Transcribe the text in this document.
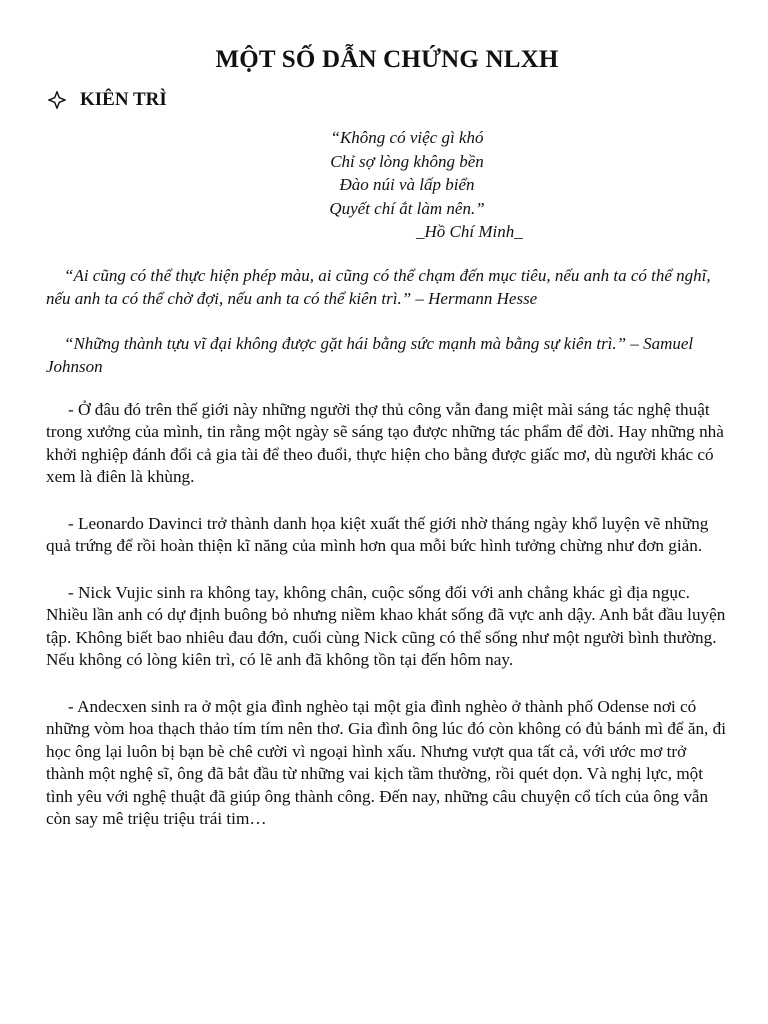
MỘT SỐ DẪN CHỨNG NLXH
KIÊN TRÌ
“Không có việc gì khó
Chỉ sợ lòng không bền
Đào núi và lấp biển
Quyết chí ắt làm nên.”
_Hồ Chí Minh_

“Ai cũng có thể thực hiện phép màu, ai cũng có thể chạm đến mục tiêu, nếu anh ta có thể nghĩ, nếu anh ta có thể chờ đợi, nếu anh ta có thể kiên trì.” – Hermann Hesse

“Những thành tựu vĩ đại không được gặt hái bằng sức mạnh mà bằng sự kiên trì.” – Samuel Johnson

- Ở đâu đó trên thế giới này những người thợ thủ công vẫn đang miệt mài sáng tác nghệ thuật trong xưởng của mình, tin rằng một ngày sẽ sáng tạo được những tác phẩm để đời. Hay những nhà khởi nghiệp đánh đổi cả gia tài để theo đuổi, thực hiện cho bằng được giấc mơ, dù người khác có xem là điên là khùng.

- Leonardo Davinci trở thành danh họa kiệt xuất thế giới nhờ tháng ngày khổ luyện vẽ những quả trứng để rồi hoàn thiện kĩ năng của mình hơn qua mỗi bức hình tưởng chừng như đơn giản.

- Nick Vujic sinh ra không tay, không chân, cuộc sống đối với anh chẳng khác gì địa ngục. Nhiều lần anh có dự định buông bỏ nhưng niềm khao khát sống đã vực anh dậy. Anh bắt đầu luyện tập. Không biết bao nhiêu đau đớn, cuối cùng Nick cũng có thể sống như một người bình thường. Nếu không có lòng kiên trì, có lẽ anh đã không tồn tại đến hôm nay.

- Andecxen sinh ra ở một gia đình nghèo tại một gia đình nghèo ở thành phố Odense nơi có những vòm hoa thạch thảo tím tím nên thơ. Gia đình ông lúc đó còn không có đủ bánh mì để ăn, đi học ông lại luôn bị bạn bè chê cười vì ngoại hình xấu. Nhưng vượt qua tất cả, với ước mơ trở thành một nghệ sĩ, ông đã bắt đầu từ những vai kịch tầm thường, rồi quét dọn. Và nghị lực, một tình yêu với nghệ thuật đã giúp ông thành công. Đến nay, những câu chuyện cổ tích của ông vẫn còn say mê triệu triệu trái tim…
